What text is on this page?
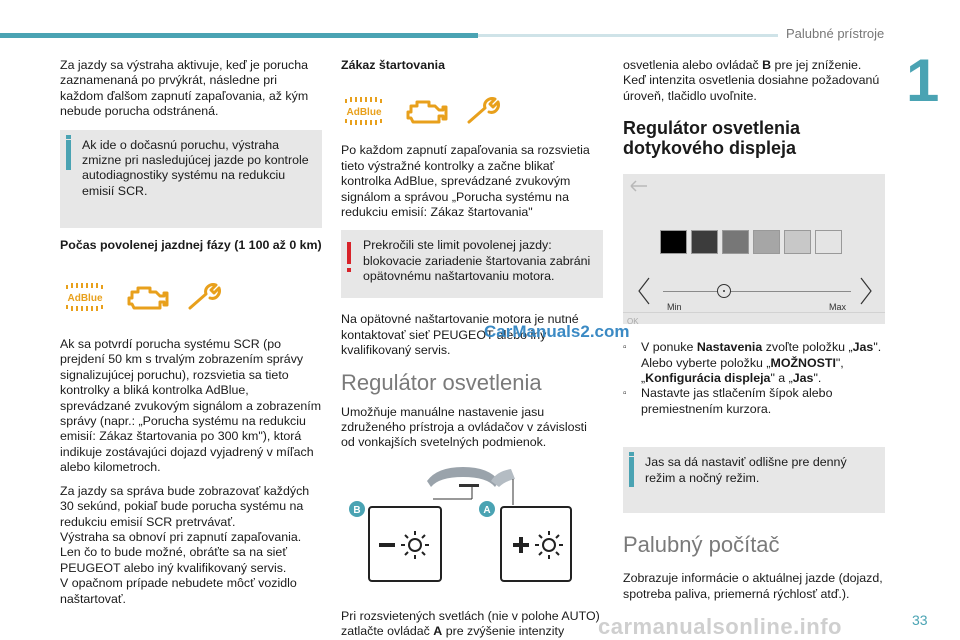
Palubné prístroje
1
Za jazdy sa výstraha aktivuje, keď je porucha zaznamenaná po prvýkrát, následne pri každom ďalšom zapnutí zapaľovania, až kým nebude porucha odstránená.
Ak ide o dočasnú poruchu, výstraha zmizne pri nasledujúcej jazde po kontrole autodiagnostiky systému na redukciu emisií SCR.
Počas povolenej jazdnej fázy (1 100 až 0 km)
AdBlue
Ak sa potvrdí porucha systému SCR (po prejdení 50 km s trvalým zobrazením správy signalizujúcej poruchu), rozsvietia sa tieto kontrolky a bliká kontrolka AdBlue, sprevádzané zvukovým signálom a zobrazením správy (napr.: „Porucha systému na redukciu emisií: Zákaz štartovania po 300 km"), ktorá indikuje zostávajúci dojazd vyjadrený v míľach alebo kilometroch.
Za jazdy sa správa bude zobrazovať každých 30 sekúnd, pokiaľ bude porucha systému na redukciu emisií SCR pretrvávať.
Výstraha sa obnoví pri zapnutí zapaľovania.
Len čo to bude možné, obráťte sa na sieť PEUGEOT alebo iný kvalifikovaný servis.
V opačnom prípade nebudete môcť vozidlo naštartovať.
Zákaz štartovania
AdBlue
Po každom zapnutí zapaľovania sa rozsvietia tieto výstražné kontrolky a začne blikať kontrolka AdBlue, sprevádzané zvukovým signálom a správou „Porucha systému na redukciu emisií: Zákaz štartovania"
Prekročili ste limit povolenej jazdy: blokovacie zariadenie štartovania zabráni opätovnému naštartovaniu motora.
Na opätovné naštartovanie motora je nutné kontaktovať sieť PEUGEOT alebo iný kvalifikovaný servis.
Regulátor osvetlenia
Umožňuje manuálne nastavenie jasu združeného prístroja a ovládačov v závislosti od vonkajších svetelných podmienok.
B	A
Pri rozsvietených svetlách (nie v polohe AUTO) zatlačte ovládač A pre zvýšenie intenzity
osvetlenia alebo ovládač B pre jej zníženie.
Keď intenzita osvetlenia dosiahne požadovanú úroveň, tlačidlo uvoľnite.
Regulátor osvetlenia
dotykového displeja
Min	Max
OK
▫	V ponuke Nastavenia zvoľte položku „Jas".
Alebo vyberte položku „MOŽNOSTI", „Konfigurácia displeja" a „Jas".
▫	Nastavte jas stlačením šípok alebo premiestnením kurzora.
Jas sa dá nastaviť odlišne pre denný režim a nočný režim.
Palubný počítač
Zobrazuje informácie o aktuálnej jazde (dojazd, spotreba paliva, priemerná rýchlosť atď.).
CarManuals2.com
carmanualsonline.info	33
